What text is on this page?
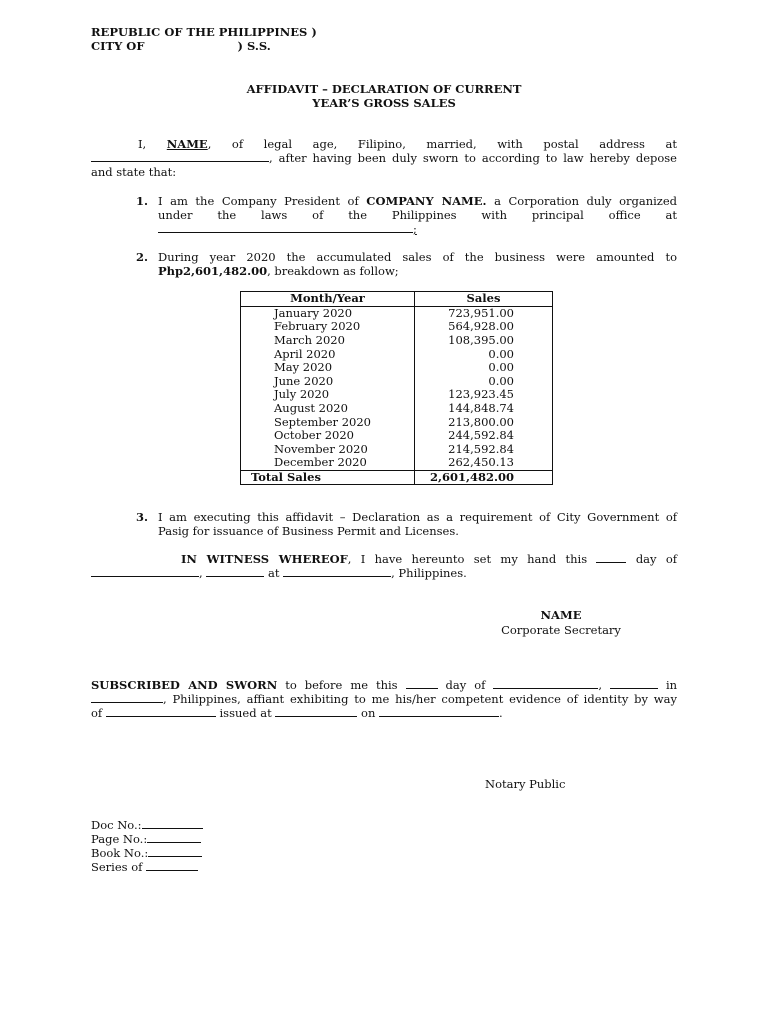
REPUBLIC OF THE PHILIPPINES )
CITY OF	) S.S.
AFFIDAVIT – DECLARATION OF CURRENT
YEAR’S GROSS SALES
I, NAME, of legal age, Filipino, married, with postal address at
, after having been duly sworn to according to law hereby depose
and state that:
1. I am the Company President of COMPANY NAME. a Corporation duly organized
under the laws of the Philippines with principal office at
;
2. During year 2020 the accumulated sales of the business were amounted to
Php2,601,482.00, breakdown as follow;
Month/Year	Sales
January 2020	723,951.00
February 2020	564,928.00
March 2020	108,395.00
April 2020	0.00
May 2020	0.00
June 2020	0.00
July 2020	123,923.45
August 2020	144,848.74
September 2020	213,800.00
October 2020	244,592.84
November 2020	214,592.84
December 2020	262,450.13
Total Sales	2,601,482.00
3. I am executing this affidavit – Declaration as a requirement of City Government of
Pasig for issuance of Business Permit and Licenses.
IN WITNESS WHEREOF, I have hereunto set my hand this	day of
,	at	, Philippines.
NAME
Corporate Secretary
SUBSCRIBED AND SWORN to before me this	day of	,	in
, Philippines, affiant exhibiting to me his/her competent evidence of identity by way
of	issued at	on	.
Notary Public
Doc No.:
Page No.:
Book No.:
Series of
